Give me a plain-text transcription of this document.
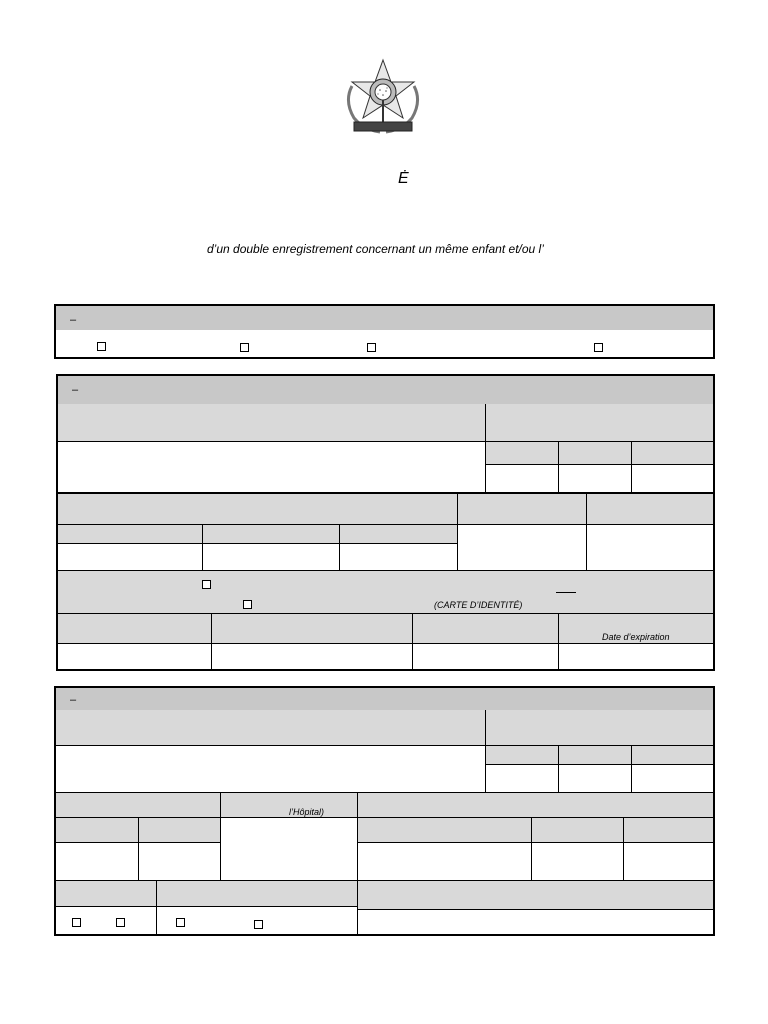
Ė
d’un double enregistrement concernant un même enfant et/ou l’
–
–
(CARTE D’IDENTITÉ)
Date d’expiration
–
l’Hôpital)
